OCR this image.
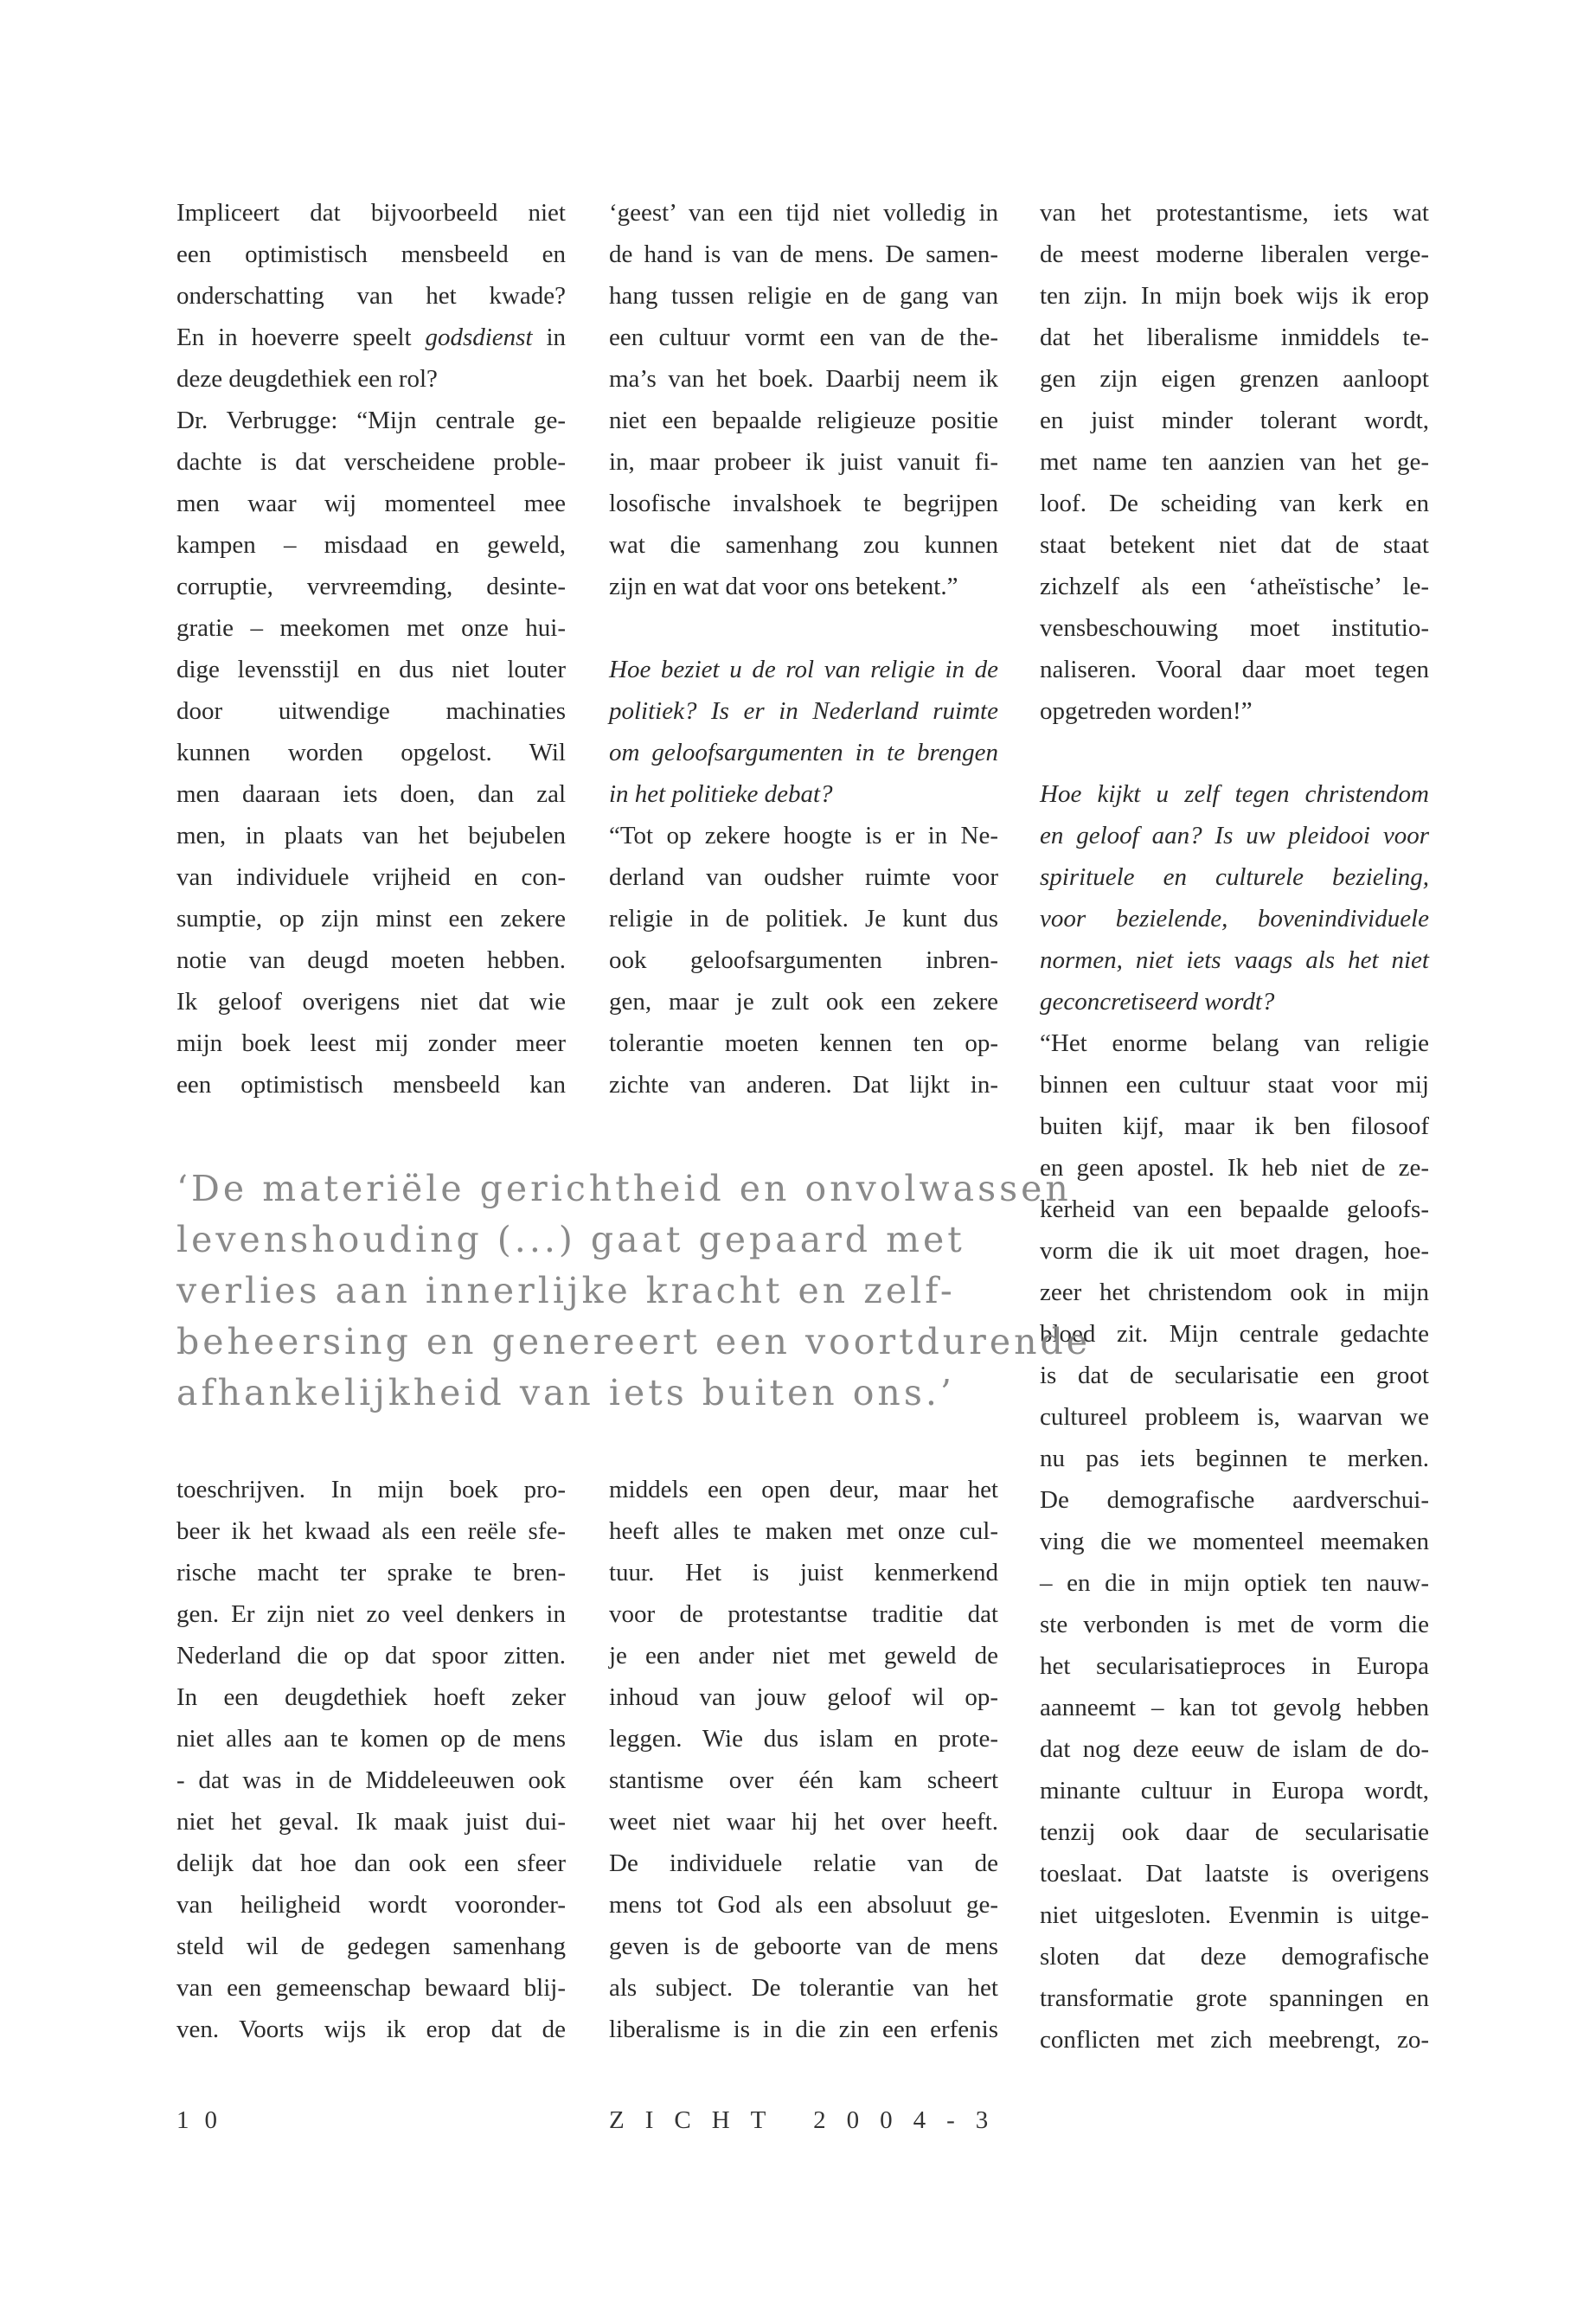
Impliceert dat bijvoorbeeld niet

een optimistisch mensbeeld en

onderschatting van het kwade?

En in hoeverre speelt godsdienst in

deze deugdethiek een rol?

Dr. Verbrugge: “Mijn centrale ge-

dachte is dat verscheidene proble-

men waar wij momenteel mee

kampen – misdaad en geweld,

corruptie, vervreemding, desinte-

gratie – meekomen met onze hui-

dige levensstijl en dus niet louter

door uitwendige machinaties

kunnen worden opgelost. Wil

men daaraan iets doen, dan zal

men, in plaats van het bejubelen

van individuele vrijheid en con-

sumptie, op zijn minst een zekere

notie van deugd moeten hebben.

Ik geloof overigens niet dat wie

mijn boek leest mij zonder meer

een optimistisch mensbeeld kan

‘geest’ van een tijd niet volledig in

de hand is van de mens. De samen-

hang tussen religie en de gang van

een cultuur vormt een van de the-

ma’s van het boek. Daarbij neem ik

niet een bepaalde religieuze positie

in, maar probeer ik juist vanuit fi-

losofische invalshoek te begrijpen

wat die samenhang zou kunnen

zijn en wat dat voor ons betekent.”

Hoe beziet u de rol van religie in de

politiek? Is er in Nederland ruimte

om geloofsargumenten in te brengen

in het politieke debat?

“Tot op zekere hoogte is er in Ne-

derland van oudsher ruimte voor

religie in de politiek. Je kunt dus

ook geloofsargumenten inbren-

gen, maar je zult ook een zekere

tolerantie moeten kennen ten op-

zichte van anderen. Dat lijkt in-

van het protestantisme, iets wat

de meest moderne liberalen verge-

ten zijn. In mijn boek wijs ik erop

dat het liberalisme inmiddels te-

gen zijn eigen grenzen aanloopt

en juist minder tolerant wordt,

met name ten aanzien van het ge-

loof. De scheiding van kerk en

staat betekent niet dat de staat

zichzelf als een ‘atheïstische’ le-

vensbeschouwing moet institutio-

naliseren. Vooral daar moet tegen

opgetreden worden!”

Hoe kijkt u zelf tegen christendom

en geloof aan? Is uw pleidooi voor

spirituele en culturele bezieling,

voor bezielende, bovenindividuele

normen, niet iets vaags als het niet

geconcretiseerd wordt?

“Het enorme belang van religie

binnen een cultuur staat voor mij

buiten kijf, maar ik ben filosoof

en geen apostel. Ik heb niet de ze-

kerheid van een bepaalde geloofs-

vorm die ik uit moet dragen, hoe-

zeer het christendom ook in mijn

bloed zit. Mijn centrale gedachte

is dat de secularisatie een groot

cultureel probleem is, waarvan we

nu pas iets beginnen te merken.

De demografische aardverschui-

ving die we momenteel meemaken

– en die in mijn optiek ten nauw-

ste verbonden is met de vorm die

het secularisatieproces in Europa

aanneemt – kan tot gevolg hebben

dat nog deze eeuw de islam de do-

minante cultuur in Europa wordt,

tenzij ook daar de secularisatie

toeslaat. Dat laatste is overigens

niet uitgesloten. Evenmin is uitge-

sloten dat deze demografische

transformatie grote spanningen en

conflicten met zich meebrengt, zo-

‘De materiële gerichtheid en onvolwassen
levenshouding (...) gaat gepaard met
verlies aan innerlijke kracht en zelf-
beheersing en genereert een voortdurende
afhankelijkheid van iets buiten ons.’

toeschrijven. In mijn boek pro-

beer ik het kwaad als een reële sfe-

rische macht ter sprake te bren-

gen. Er zijn niet zo veel denkers in

Nederland die op dat spoor zitten.

In een deugdethiek hoeft zeker

niet alles aan te komen op de mens

- dat was in de Middeleeuwen ook

niet het geval. Ik maak juist dui-

delijk dat hoe dan ook een sfeer

van heiligheid wordt vooronder-

steld wil de gedegen samenhang

van een gemeenschap bewaard blij-

ven. Voorts wijs ik erop dat de

middels een open deur, maar het

heeft alles te maken met onze cul-

tuur. Het is juist kenmerkend

voor de protestantse traditie dat

je een ander niet met geweld de

inhoud van jouw geloof wil op-

leggen. Wie dus islam en prote-

stantisme over één kam scheert

weet niet waar hij het over heeft.

De individuele relatie van de

mens tot God als een absoluut ge-

geven is de geboorte van de mens

als subject. De tolerantie van het

liberalisme is in die zin een erfenis

10	ZICHT 2004-3
